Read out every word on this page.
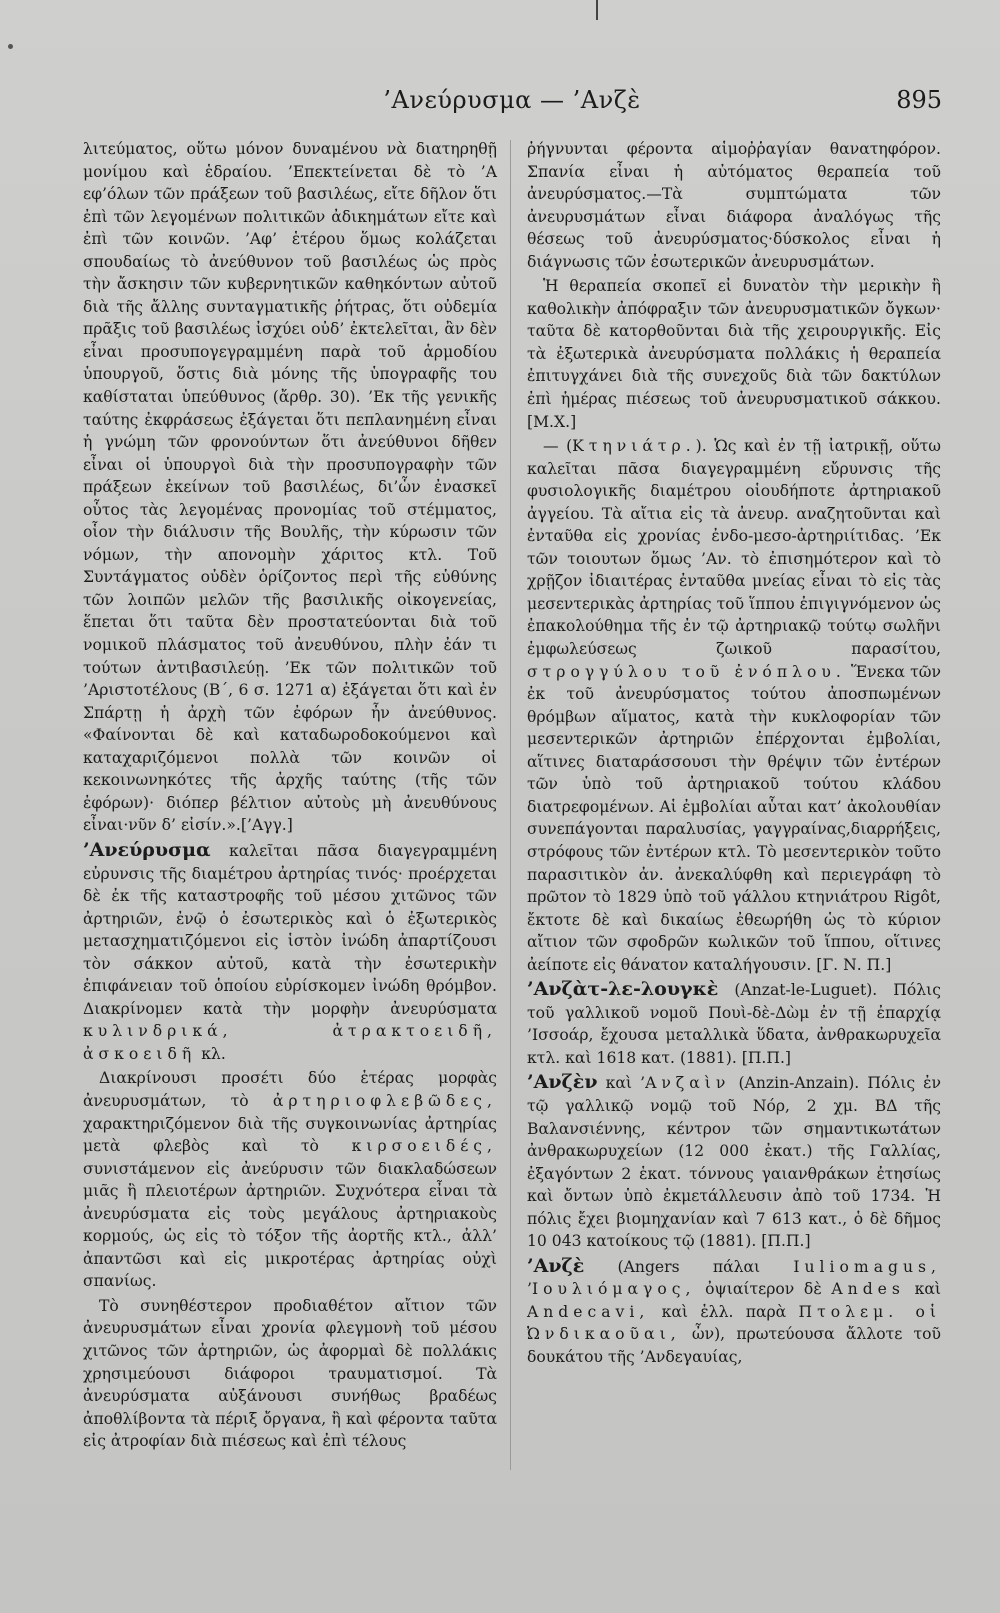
’Ανεύρυσμα — ’Ανζὲ	895

λιτεύματος, οὕτω μόνον δυναμένου νὰ διατηρηθῇ μονίμου καὶ ἑδραίου. ’Επεκτείνεται δὲ τὸ ’Α εφ’όλων τῶν πράξεων τοῦ βασιλέως, εἴτε δῆλον ὅτι ἐπὶ τῶν λεγομένων πολιτικῶν ἀδικημάτων εἴτε καὶ ἐπὶ τῶν κοινῶν. ’Αφ’ ἑτέρου ὅμως κολάζεται σπουδαίως τὸ ἀνεύθυνον τοῦ βασιλέως ὡς πρὸς τὴν ἄσκησιν τῶν κυβερνητικῶν καθηκόντων αὐτοῦ διὰ τῆς ἄλλης συνταγματικῆς ῥήτρας, ὅτι οὐδεμία πρᾶξις τοῦ βασιλέως ἰσχύει οὐδ’ ἐκτελεῖται, ἂν δὲν εἶναι προσυπογεγραμμένη παρὰ τοῦ ἁρμοδίου ὑπουργοῦ, ὅστις διὰ μόνης τῆς ὑπογραφῆς του καθίσταται ὑπεύθυνος (ἄρθρ. 30). ’Εκ τῆς γενικῆς ταύτης ἐκφράσεως ἐξάγεται ὅτι πεπλανημένη εἶναι ἡ γνώμη τῶν φρονούντων ὅτι ἀνεύθυνοι δῆθεν εἶναι οἱ ὑπουργοὶ διὰ τὴν προσυπογραφὴν τῶν πράξεων ἐκείνων τοῦ βασιλέως, δι’ὧν ἐνασκεῖ οὗτος τὰς λεγομένας προνομίας τοῦ στέμματος, οἷον τὴν διάλυσιν τῆς Βουλῆς, τὴν κύρωσιν τῶν νόμων, τὴν απονομὴν χάριτος κτλ. Τοῦ Συντάγματος οὐδὲν ὁρίζοντος περὶ τῆς εὐθύνης τῶν λοιπῶν μελῶν τῆς βασιλικῆς οἰκογενείας, ἕπεται ὅτι ταῦτα δὲν προστατεύονται διὰ τοῦ νομικοῦ πλάσματος τοῦ ἀνευθύνου, πλὴν ἐάν τι τούτων ἀντιβασιλεύῃ. ’Εκ τῶν πολιτικῶν τοῦ ’Αριστοτέλους (Β΄, 6 σ. 1271 α) ἐξάγεται ὅτι καὶ ἐν Σπάρτῃ ἡ ἀρχὴ τῶν ἐφόρων ἦν ἀνεύθυνος. «Φαίνονται δὲ καὶ καταδωροδοκούμενοι καὶ καταχαριζόμενοι πολλὰ τῶν κοινῶν οἱ κεκοινωνηκότες τῆς ἀρχῆς ταύτης (τῆς τῶν ἐφόρων)· διόπερ βέλτιον αὐτοὺς μὴ ἀνευθύνους εἶναι·νῦν δ’ εἰσίν.».[’Αγγ.]

’Ανεύρυσμα καλεῖται πᾶσα διαγεγραμμένη εὐρυνσις τῆς διαμέτρου ἀρτηρίας τινός· προέρχεται δὲ ἐκ τῆς καταστροφῆς τοῦ μέσου χιτῶνος τῶν ἀρτηριῶν, ἐνῷ ὁ ἐσωτερικὸς καὶ ὁ ἐξωτερικὸς μετασχηματιζόμενοι εἰς ἱστὸν ἰνώδη ἀπαρτίζουσι τὸν σάκκον αὐτοῦ, κατὰ τὴν ἐσωτερικὴν ἐπιφάνειαν τοῦ ὁποίου εὑρίσκομεν ἰνώδη θρόμβον. Διακρίνομεν κατὰ τὴν μορφὴν ἀνευρύσματα κυλινδρικά, ἀτρακτοειδῆ, ἀσκοειδῆ κλ.

Διακρίνουσι προσέτι δύο ἑτέρας μορφὰς ἀνευρυσμάτων, τὸ ἀρτηριοφλεβῶδες, χαρακτηριζόμενον διὰ τῆς συγκοινωνίας ἀρτηρίας μετὰ φλεβὸς καὶ τὸ κιρσοειδές, συνιστάμενον εἰς ἀνεύρυσιν τῶν διακλαδώσεων μιᾶς ἢ πλειοτέρων ἀρτηριῶν. Συχνότερα εἶναι τὰ ἀνευρύσματα εἰς τοὺς μεγάλους ἀρτηριακοὺς κορμούς, ὡς εἰς τὸ τόξον τῆς ἀορτῆς κτλ., ἀλλ’ ἀπαντῶσι καὶ εἰς μικροτέρας ἀρτηρίας οὐχὶ σπανίως.

Τὸ συνηθέστερον προδιαθέτον αἴτιον τῶν ἀνευρυσμάτων εἶναι χρονία φλεγμονὴ τοῦ μέσου χιτῶνος τῶν ἀρτηριῶν, ὡς ἀφορμαὶ δὲ πολλάκις χρησιμεύουσι διάφοροι τραυματισμοί. Τὰ ἀνευρύσματα αὐξάνουσι συνήθως βραδέως ἀποθλίβοντα τὰ πέριξ ὄργανα, ἢ καὶ φέροντα ταῦτα εἰς ἀτροφίαν διὰ πιέσεως καὶ ἐπὶ τέλους

ῥήγνυνται φέροντα αἱμοῤῥαγίαν θανατηφόρον. Σπανία εἶναι ἡ αὐτόματος θεραπεία τοῦ ἀνευρύσματος.—Τὰ συμπτώματα τῶν ἀνευρυσμάτων εἶναι διάφορα ἀναλόγως τῆς θέσεως τοῦ ἀνευρύσματος·δύσκολος εἶναι ἡ διάγνωσις τῶν ἐσωτερικῶν ἀνευρυσμάτων.

Ἡ θεραπεία σκοπεῖ εἰ δυνατὸν τὴν μερικὴν ἢ καθολικὴν ἀπόφραξιν τῶν ἀνευρυσματικῶν ὄγκων· ταῦτα δὲ κατορθοῦνται διὰ τῆς χειρουργικῆς. Εἰς τὰ ἐξωτερικὰ ἀνευρύσματα πολλάκις ἡ θεραπεία ἐπιτυγχάνει διὰ τῆς συνεχοῦς διὰ τῶν δακτύλων ἐπὶ ἡμέρας πιέσεως τοῦ ἀνευρυσματικοῦ σάκκου. [Μ.Χ.]

— (Κτηνιάτρ.). Ὡς καὶ ἐν τῇ ἰατρικῇ, οὕτω καλεῖται πᾶσα διαγεγραμμένη εὔρυνσις τῆς φυσιολογικῆς διαμέτρου οἱουδήποτε ἀρτηριακοῦ ἀγγείου. Τὰ αἴτια εἰς τὰ ἀνευρ. αναζητοῦνται καὶ ἐνταῦθα εἰς χρονίας ἐνδο-μεσο-ἀρτηριίτιδας. ’Εκ τῶν τοιουτων ὅμως ’Αν. τὸ ἐπισημότερον καὶ τὸ χρῇζον ἰδιαιτέρας ἐνταῦθα μνείας εἶναι τὸ εἰς τὰς μεσεντερικὰς ἀρτηρίας τοῦ ἵππου ἐπιγιγνόμενον ὡς ἐπακολούθημα τῆς ἐν τῷ ἀρτηριακῷ τούτῳ σωλῆνι ἐμφωλεύσεως ζωικοῦ παρασίτου, στρογγύλου τοῦ ἐνόπλου. Ἕνεκα τῶν ἐκ τοῦ ἀνευρύσματος τούτου ἀποσπωμένων θρόμβων αἵματος, κατὰ τὴν κυκλοφορίαν τῶν μεσεντερικῶν ἀρτηριῶν ἐπέρχονται ἐμβολίαι, αἵτινες διαταράσσουσι τὴν θρέψιν τῶν ἐντέρων τῶν ὑπὸ τοῦ ἀρτηριακοῦ τούτου κλάδου διατρεφομένων. Αἱ ἐμβολίαι αὗται κατ’ ἀκολουθίαν συνεπάγονται παραλυσίας, γαγγραίνας,διαρρήξεις, στρόφους τῶν ἐντέρων κτλ. Τὸ μεσεντερικὸν τοῦτο παρασιτικὸν ἀν. ἀνεκαλύφθη καὶ περιεγράφη τὸ πρῶτον τὸ 1829 ὑπὸ τοῦ γάλλου κτηνιάτρου Rigôt, ἔκτοτε δὲ καὶ δικαίως ἐθεωρήθη ὡς τὸ κύριον αἴτιον τῶν σφοδρῶν κωλικῶν τοῦ ἵππου, οἵτινες ἀείποτε εἰς θάνατον καταλήγουσιν. [Γ. Ν. Π.]

’Ανζὰτ-λε-λουγκὲ (Anzat-le-Luguet). Πόλις τοῦ γαλλικοῦ νομοῦ Πουὶ-δὲ-Δὼμ ἐν τῇ ἐπαρχίᾳ ’Ισσοάρ, ἔχουσα μεταλλικὰ ὕδατα, ἀνθρακωρυχεῖα κτλ. καὶ 1618 κατ. (1881). [Π.Π.]

’Ανζὲν καὶ ’Ανζαὶν (Anzin-Anzain). Πόλις ἐν τῷ γαλλικῷ νομῷ τοῦ Νόρ, 2 χμ. ΒΔ τῆς Βαλανσιέννης, κέντρον τῶν σημαντικωτάτων ἀνθρακωρυχείων (12 000 ἐκατ.) τῆς Γαλλίας, ἐξαγόντων 2 ἑκατ. τόννους γαιανθράκων ἐτησίως καὶ ὄντων ὑπὸ ἐκμετάλλευσιν ἀπὸ τοῦ 1734. Ἡ πόλις ἔχει βιομηχανίαν καὶ 7 613 κατ., ὁ δὲ δῆμος 10 043 κατοίκους τῷ (1881). [Π.Π.]

’Ανζὲ (Angers πάλαι Iuliomagus, ’Ιουλιόμαγος, ὀψιαίτερον δὲ Andes καὶ Andecavi, καὶ ἑλλ. παρὰ Πτολεμ. οἱ Ὠνδικαοῦαι, ὦν), πρωτεύουσα ἄλλοτε τοῦ δουκάτου τῆς ’Ανδεγαυίας,
